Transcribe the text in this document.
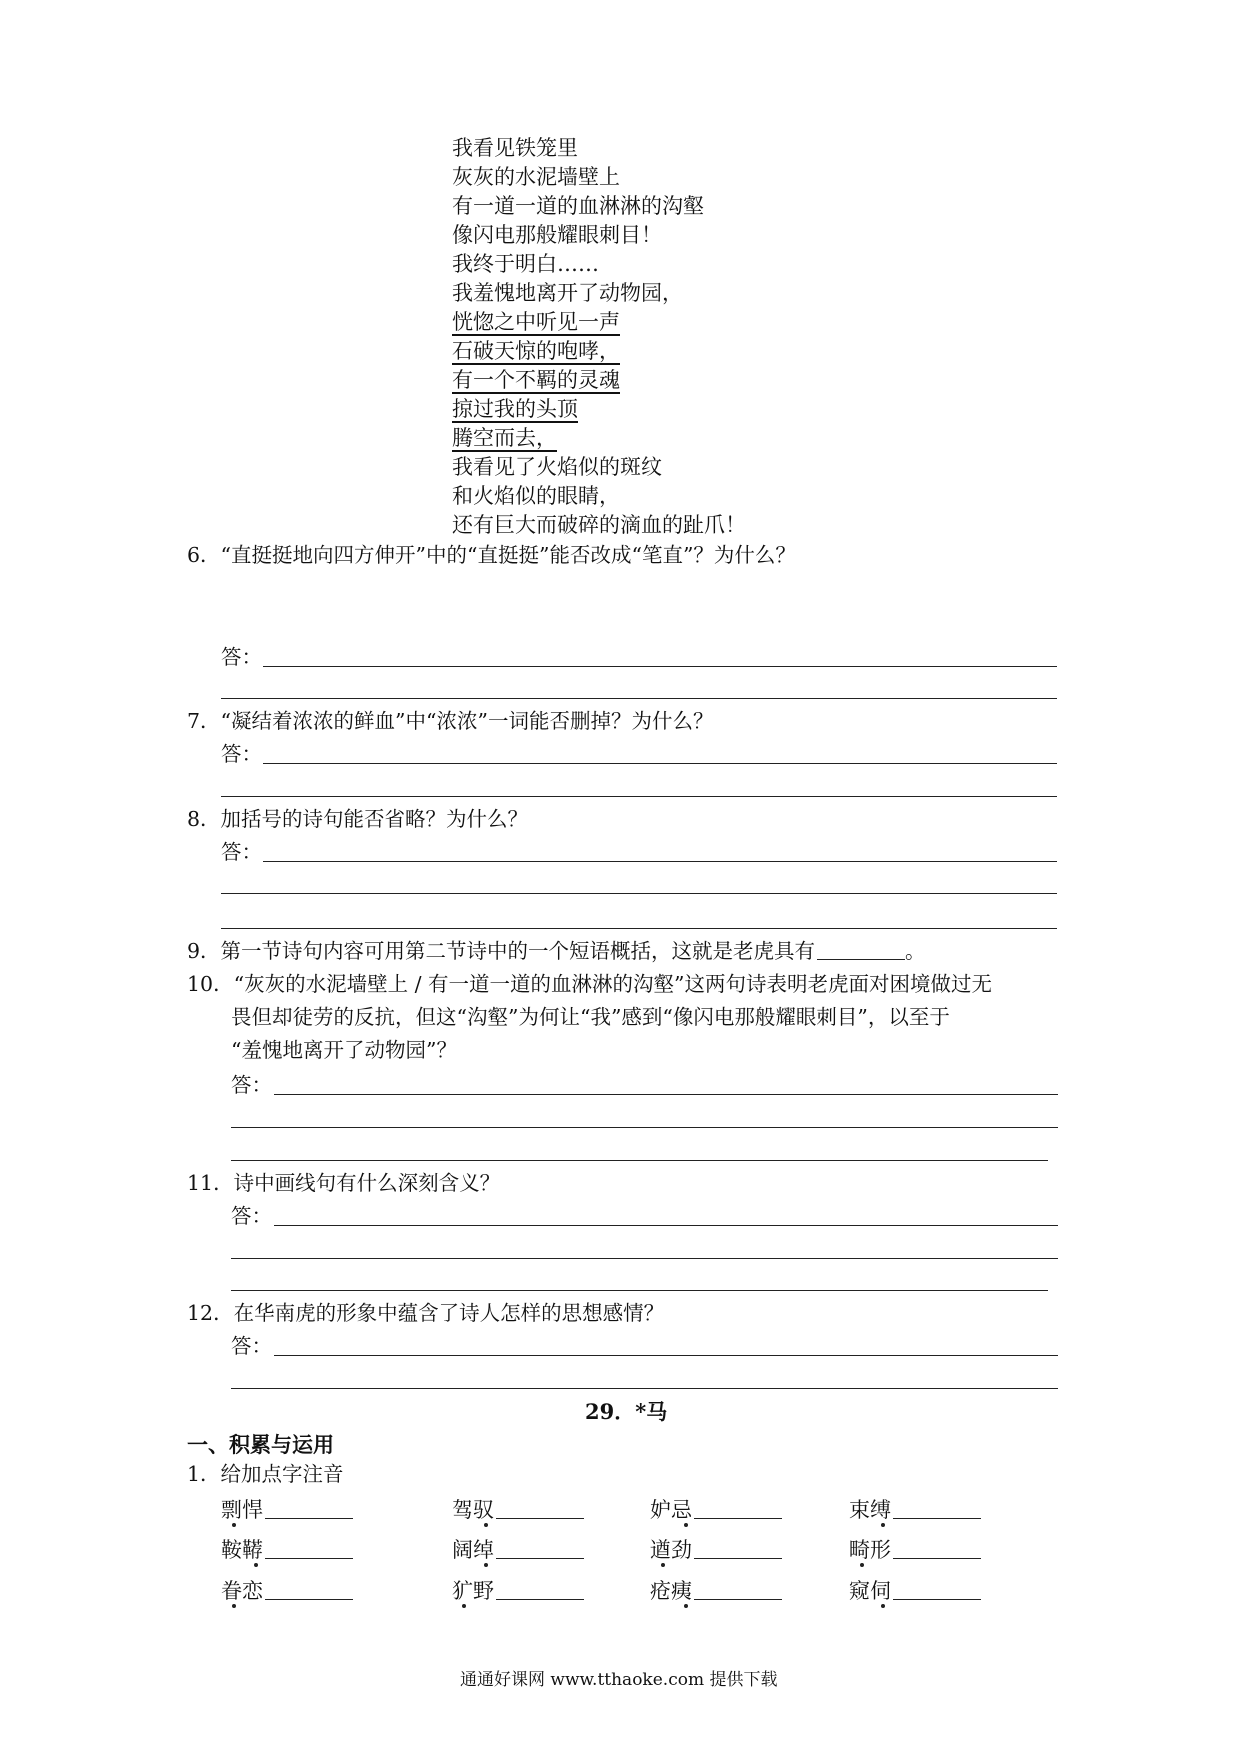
我看见铁笼里
灰灰的水泥墙壁上
有一道一道的血淋淋的沟壑
像闪电那般耀眼刺目！
我终于明白……
我羞愧地离开了动物园，
恍惚之中听见一声
石破天惊的咆哮，
有一个不羁的灵魂
掠过我的头顶
腾空而去，
我看见了火焰似的斑纹
和火焰似的眼睛，
还有巨大而破碎的滴血的趾爪！
6．“直挺挺地向四方伸开”中的“直挺挺”能否改成“笔直”？为什么？
答：
7．“凝结着浓浓的鲜血”中“浓浓”一词能否删掉？为什么？
答：
8．加括号的诗句能否省略？为什么？
答：
9．第一节诗句内容可用第二节诗中的一个短语概括，这就是老虎具有	。
10．“灰灰的水泥墙壁上 / 有一道一道的血淋淋的沟壑”这两句诗表明老虎面对困境做过无
畏但却徒劳的反抗，但这“沟壑”为何让“我”感到“像闪电那般耀眼刺目”，以至于
“羞愧地离开了动物园”？
答：
11．诗中画线句有什么深刻含义？
答：
12．在华南虎的形象中蕴含了诗人怎样的思想感情？
答：
29．*马
一、积累与运用
1．给加点字注音
剽悍	驾驭	妒忌	束缚
鞍鞯	阔绰	遒劲	畸形
眷恋	犷野	疮痍	窥伺
通通好课网 www.tthaoke.com 提供下载
